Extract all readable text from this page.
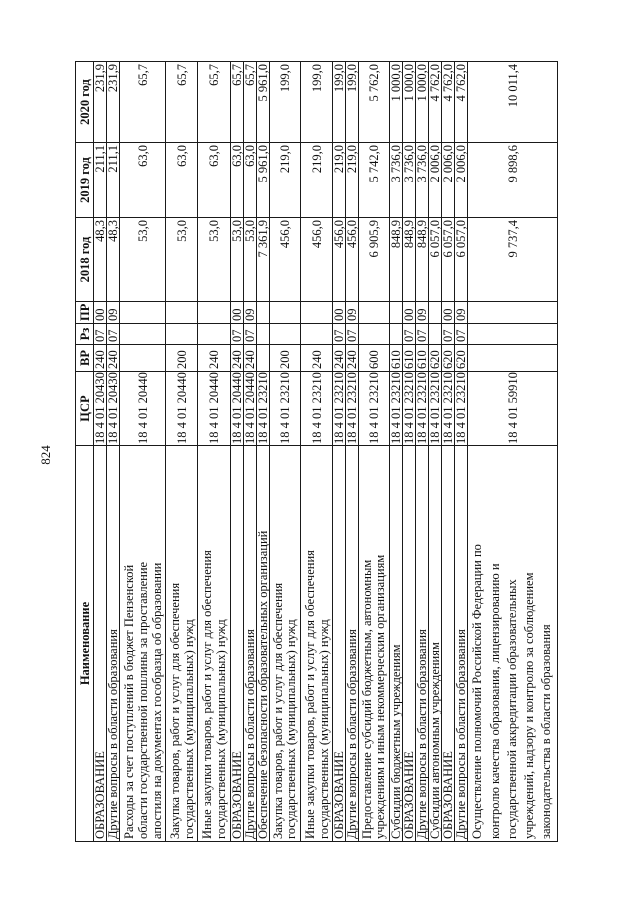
824
Наименование	ЦСР	ВР	Рз	ПР	2018 год	2019 год	2020 год

ОБРАЗОВАНИЕ	18 4 01 20430	240	07	00	48,3	211,1	231,9

Другие вопросы в области образования	18 4 01 20430	240	07	09	48,3	211,1	231,9

Расходы за счет поступлений в бюджет Пензенской области государственной пошлины за проставление апостиля на документах гособразца об образовании	18 4 01 20440				53,0	63,0	65,7

Закупка товаров, работ и услуг для обеспечения государственных (муниципальных) нужд	18 4 01 20440	200			53,0	63,0	65,7

Иные закупки товаров, работ и услуг для обеспечения государственных (муниципальных) нужд	18 4 01 20440	240			53,0	63,0	65,7

ОБРАЗОВАНИЕ	18 4 01 20440	240	07	00	53,0	63,0	65,7

Другие вопросы в области образования	18 4 01 20440	240	07	09	53,0	63,0	65,7

Обеспечение безопасности образовательных организаций	18 4 01 23210				7 361,9	5 961,0	5 961,0

Закупка товаров, работ и услуг для обеспечения государственных (муниципальных) нужд	18 4 01 23210	200			456,0	219,0	199,0

Иные закупки товаров, работ и услуг для обеспечения государственных (муниципальных) нужд	18 4 01 23210	240			456,0	219,0	199,0

ОБРАЗОВАНИЕ	18 4 01 23210	240	07	00	456,0	219,0	199,0

Другие вопросы в области образования	18 4 01 23210	240	07	09	456,0	219,0	199,0

Предоставление субсидий бюджетным, автономным учреждениям и иным некоммерческим организациям	18 4 01 23210	600			6 905,9	5 742,0	5 762,0

Субсидии бюджетным учреждениям	18 4 01 23210	610			848,9	3 736,0	1 000,0

ОБРАЗОВАНИЕ	18 4 01 23210	610	07	00	848,9	3 736,0	1 000,0

Другие вопросы в области образования	18 4 01 23210	610	07	09	848,9	3 736,0	1 000,0

Субсидии автономным учреждениям	18 4 01 23210	620			6 057,0	2 006,0	4 762,0

ОБРАЗОВАНИЕ	18 4 01 23210	620	07	00	6 057,0	2 006,0	4 762,0

Другие вопросы в области образования	18 4 01 23210	620	07	09	6 057,0	2 006,0	4 762,0

Осуществление полномочий Российской Федерации по контролю качества образования, лицензированию и государственной аккредитации образовательных учреждений, надзору и контролю за соблюдением законодательства в области образования	18 4 01 59910				9 737,4	9 898,6	10 011,4
